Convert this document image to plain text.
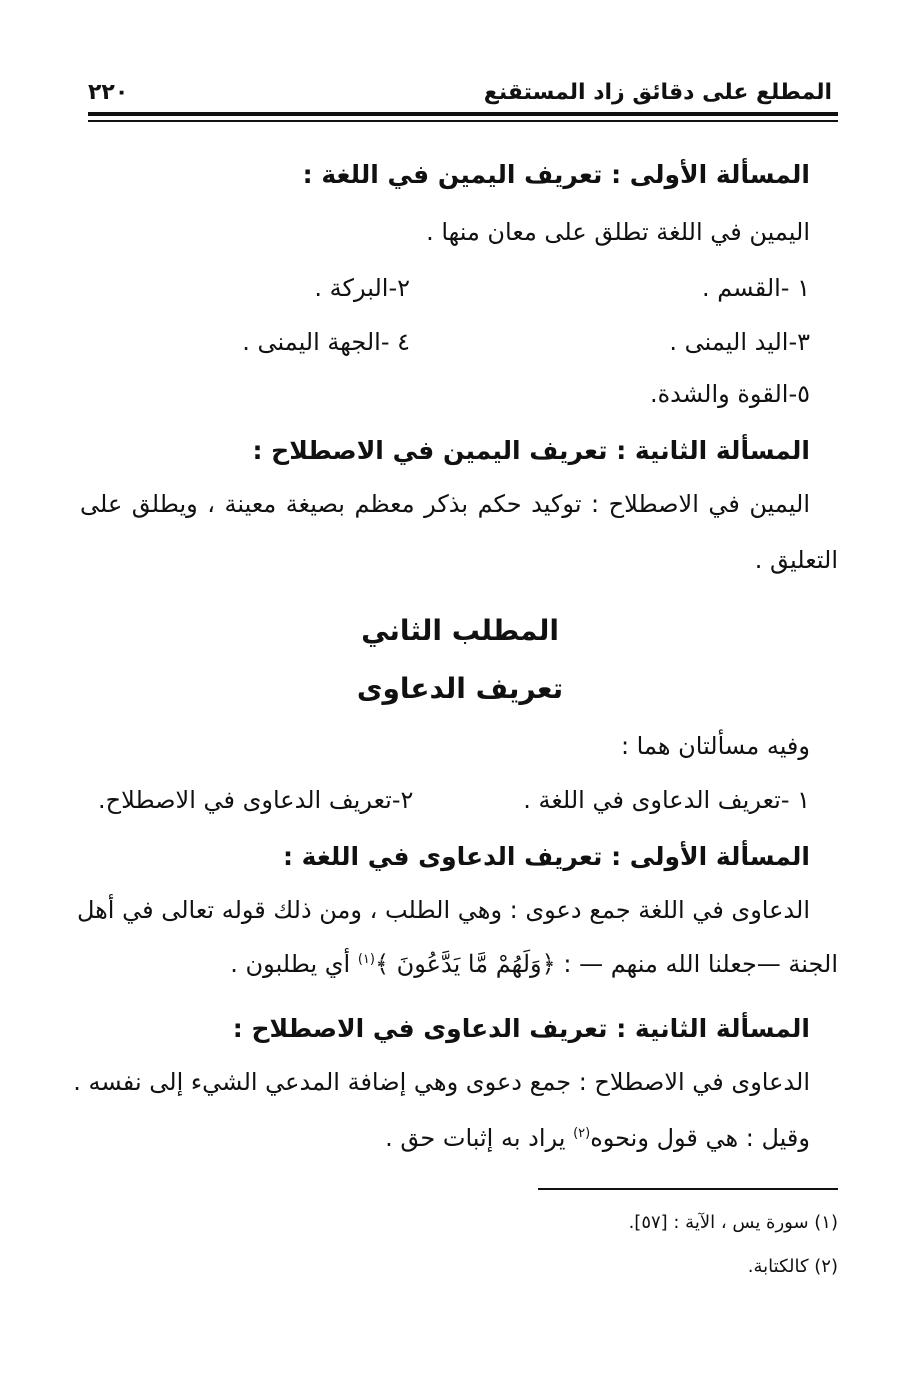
المطلع على دقائق زاد المستقنع
٢٢٠
المسألة الأولى : تعريف اليمين في اللغة :
اليمين في اللغة تطلق على معان منها .
١ -القسم .
٢-البركة .
٣-اليد اليمنى .
٤ -الجهة اليمنى .
٥-القوة والشدة.
المسألة الثانية : تعريف اليمين في الاصطلاح :
اليمين في الاصطلاح : توكيد حكم بذكر معظم بصيغة معينة ، ويطلق على
التعليق .
المطلب الثاني
تعريف الدعاوى
وفيه مسألتان هما :
١ -تعريف الدعاوى في اللغة .
٢-تعريف الدعاوى في الاصطلاح.
المسألة الأولى : تعريف الدعاوى في اللغة :
الدعاوى في اللغة جمع دعوى : وهي الطلب ، ومن ذلك قوله تعالى في أهل
الجنة —جعلنا الله منهم — : ﴿وَلَهُمْ مَّا يَدَّعُونَ ﴾$^{(١)}$ أي يطلبون .
المسألة الثانية : تعريف الدعاوى في الاصطلاح :
الدعاوى في الاصطلاح : جمع دعوى وهي إضافة المدعي الشيء إلى نفسه .
وقيل : هي قول ونحوه$^{(٢)}$ يراد به إثبات حق .
(١) سورة يس ، الآية : [٥٧].
(٢) كالكتابة.
